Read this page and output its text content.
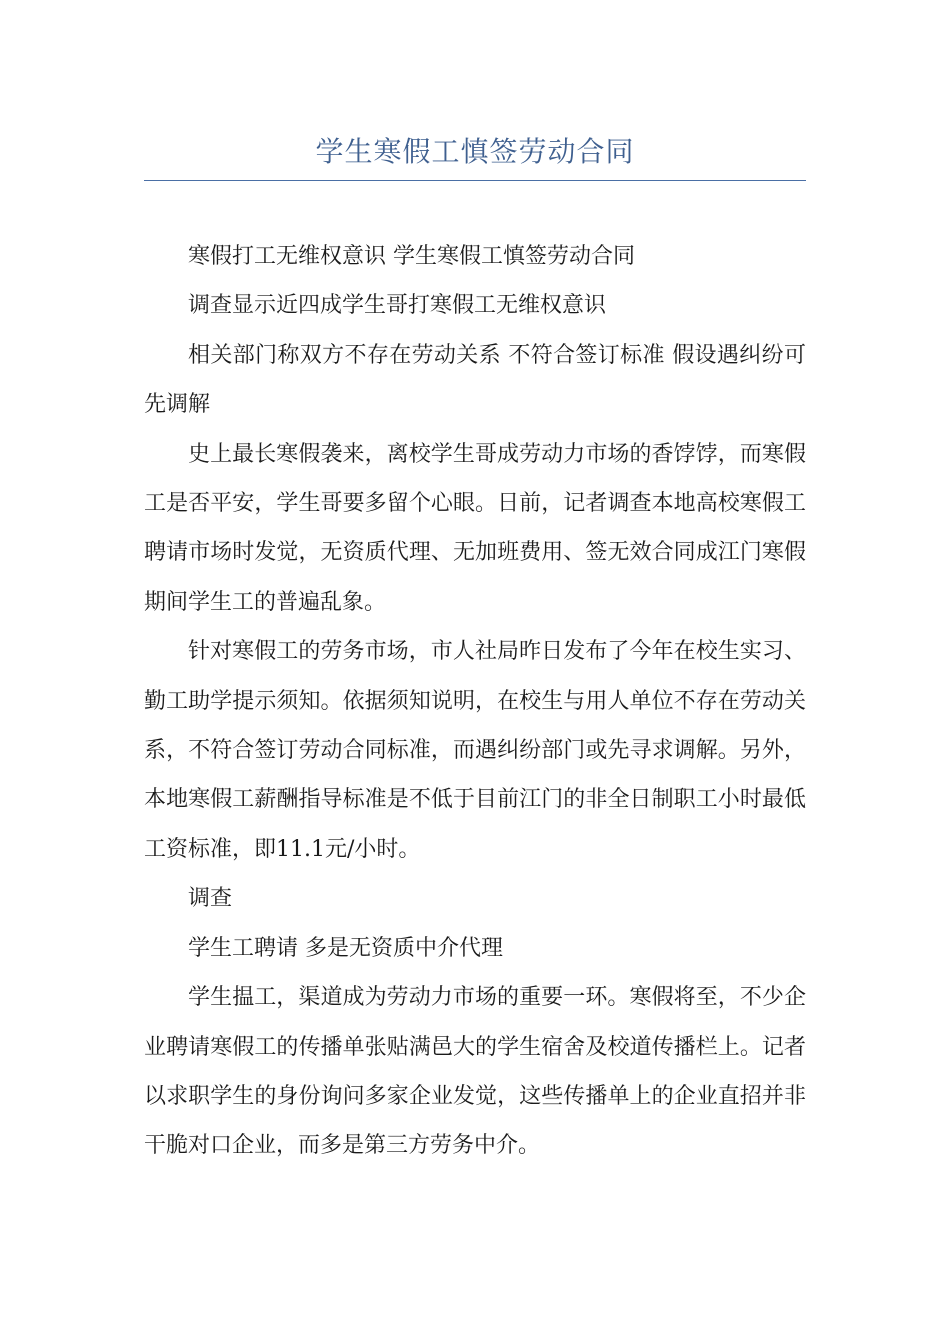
学生寒假工慎签劳动合同

寒假打工无维权意识 学生寒假工慎签劳动合同

调查显示近四成学生哥打寒假工无维权意识

相关部门称双方不存在劳动关系 不符合签订标准 假设遇纠纷可先调解

史上最长寒假袭来，离校学生哥成劳动力市场的香饽饽，而寒假工是否平安，学生哥要多留个心眼。日前，记者调查本地高校寒假工聘请市场时发觉，无资质代理、无加班费用、签无效合同成江门寒假期间学生工的普遍乱象。

针对寒假工的劳务市场，市人社局昨日发布了今年在校生实习、勤工助学提示须知。依据须知说明，在校生与用人单位不存在劳动关系，不符合签订劳动合同标准，而遇纠纷部门或先寻求调解。另外，本地寒假工薪酬指导标准是不低于目前江门的非全日制职工小时最低工资标准，即11.1元/小时。

调查

学生工聘请 多是无资质中介代理

学生揾工，渠道成为劳动力市场的重要一环。寒假将至，不少企业聘请寒假工的传播单张贴满邑大的学生宿舍及校道传播栏上。记者以求职学生的身份询问多家企业发觉，这些传播单上的企业直招并非干脆对口企业，而多是第三方劳务中介。
